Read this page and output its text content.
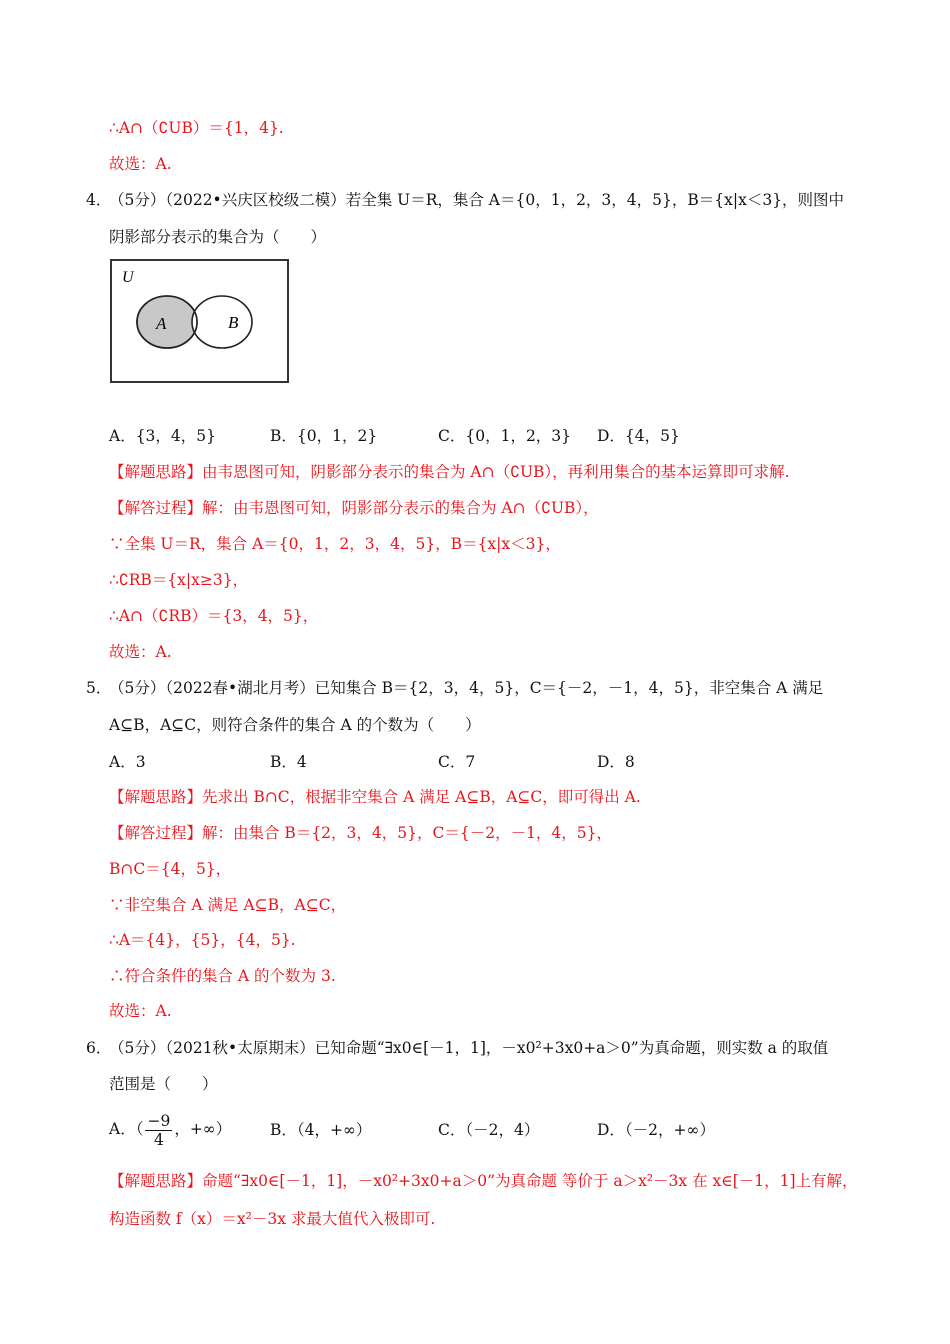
∴A∩（∁UB）＝{1，4}.
故选：A.
4．
（5分）（2022•兴庆区校级二模）若全集 U＝R，集合 A＝{0，1，2，3，4，5}，B＝{x|x＜3}，则图中
阴影部分表示的集合为（　　）
U
A	B
A．{3，4，5}	B．{0，1，2}	C．{0，1，2，3} D．{4，5}
【解题思路】由韦恩图可知，阴影部分表示的集合为 A∩（∁UB），再利用集合的基本运算即可求解.
【解答过程】解：由韦恩图可知，阴影部分表示的集合为 A∩（∁UB），
∵全集 U＝R，集合 A＝{0，1，2，3，4，5}，B＝{x|x＜3}，
∴∁RB＝{x|x≥3}，
∴A∩（∁RB）＝{3，4，5}，
故选：A.
5．
（5分）（2022春•湖北月考）已知集合 B＝{2，3，4，5}，C＝{－2，－1，4，5}，非空集合 A 满足
A⊆B，A⊆C，则符合条件的集合 A 的个数为（　　）
A．3	B．4	C．7	D．8
【解题思路】先求出 B∩C，根据非空集合 A 满足 A⊆B，A⊆C，即可得出 A.
【解答过程】解：由集合 B＝{2，3，4，5}，C＝{－2，－1，4，5}，
B∩C＝{4，5}，
∵非空集合 A 满足 A⊆B，A⊆C，
∴A＝{4}，{5}，{4，5}.
∴符合条件的集合 A 的个数为 3.
故选：A.
6．
（5分）（2021秋•太原期末）已知命题“∃x0∈[－1，1]，－x0²+3x0+a＞0”为真命题，则实数 a 的取值
范围是（　　）
A．（ $\frac{-9}{4}$ ，+∞）	B．（4，+∞）	C．（－2，4）	D．（－2，+∞）
【解题思路】命题“∃x0∈[－1，1]，－x0²+3x0+a＞0”为真命题 等价于 a＞x²－3x 在 x∈[－1，1]上有解，
构造函数 f（x）＝x²－3x 求最大值代入极即可.
